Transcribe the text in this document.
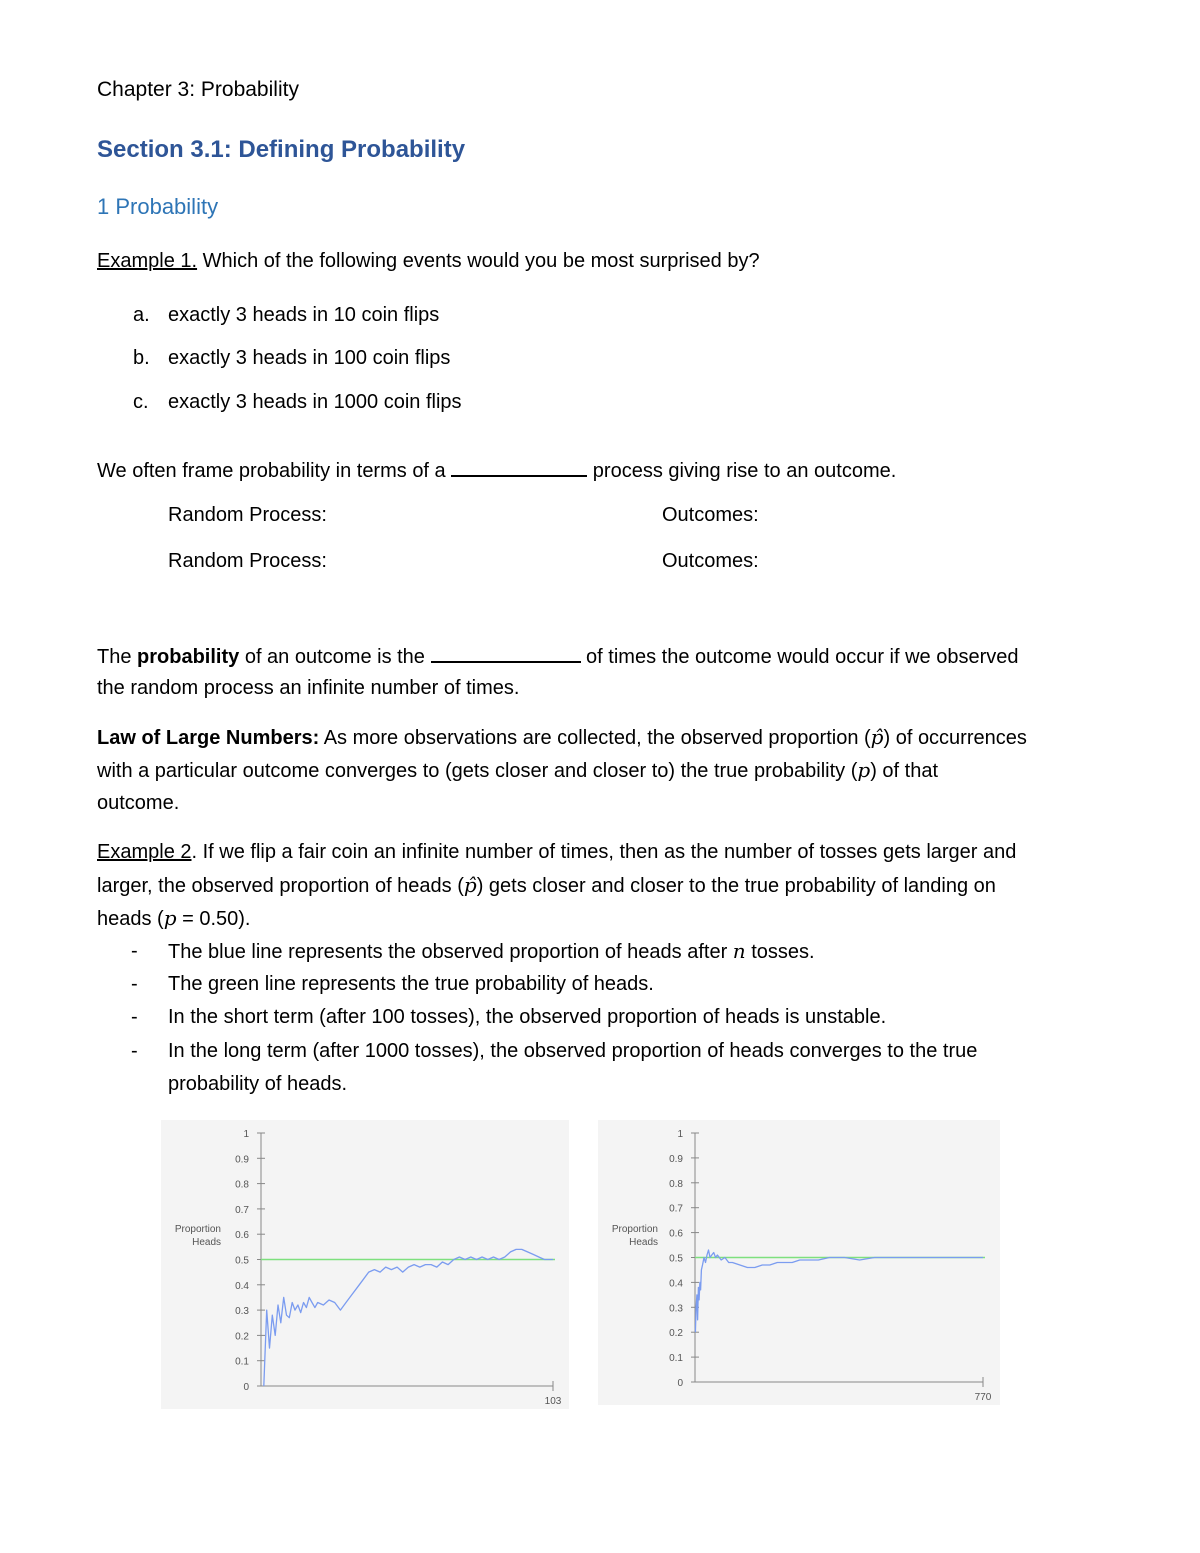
Chapter 3: Probability
Section 3.1: Defining Probability
1 Probability
Example 1. Which of the following events would you be most surprised by?
a. exactly 3 heads in 10 coin flips
b. exactly 3 heads in 100 coin flips
c. exactly 3 heads in 1000 coin flips
We often frame probability in terms of a	process giving rise to an outcome.
Random Process:	Outcomes:
Random Process:	Outcomes:
The probability of an outcome is the	of times the outcome would occur if we observed
the random process an infinite number of times.
Law of Large Numbers: As more observations are collected, the observed proportion (p̂) of occurrences
with a particular outcome converges to (gets closer and closer to) the true probability (p) of that
outcome.
Example 2. If we flip a fair coin an infinite number of times, then as the number of tosses gets larger and
larger, the observed proportion of heads (p̂) gets closer and closer to the true probability of landing on
heads (p = 0.50).
- The blue line represents the observed proportion of heads after n tosses.
- The green line represents the true probability of heads.
- In the short term (after 100 tosses), the observed proportion of heads is unstable.
- In the long term (after 1000 tosses), the observed proportion of heads converges to the true
probability of heads.
0
0.1
0.2
0.3
0.4
0.5
0.6
0.7
0.8
0.9
1
Proportion
Heads
103
0
0.1
0.2
0.3
0.4
0.5
0.6
0.7
0.8
0.9
1
Proportion
Heads
770
